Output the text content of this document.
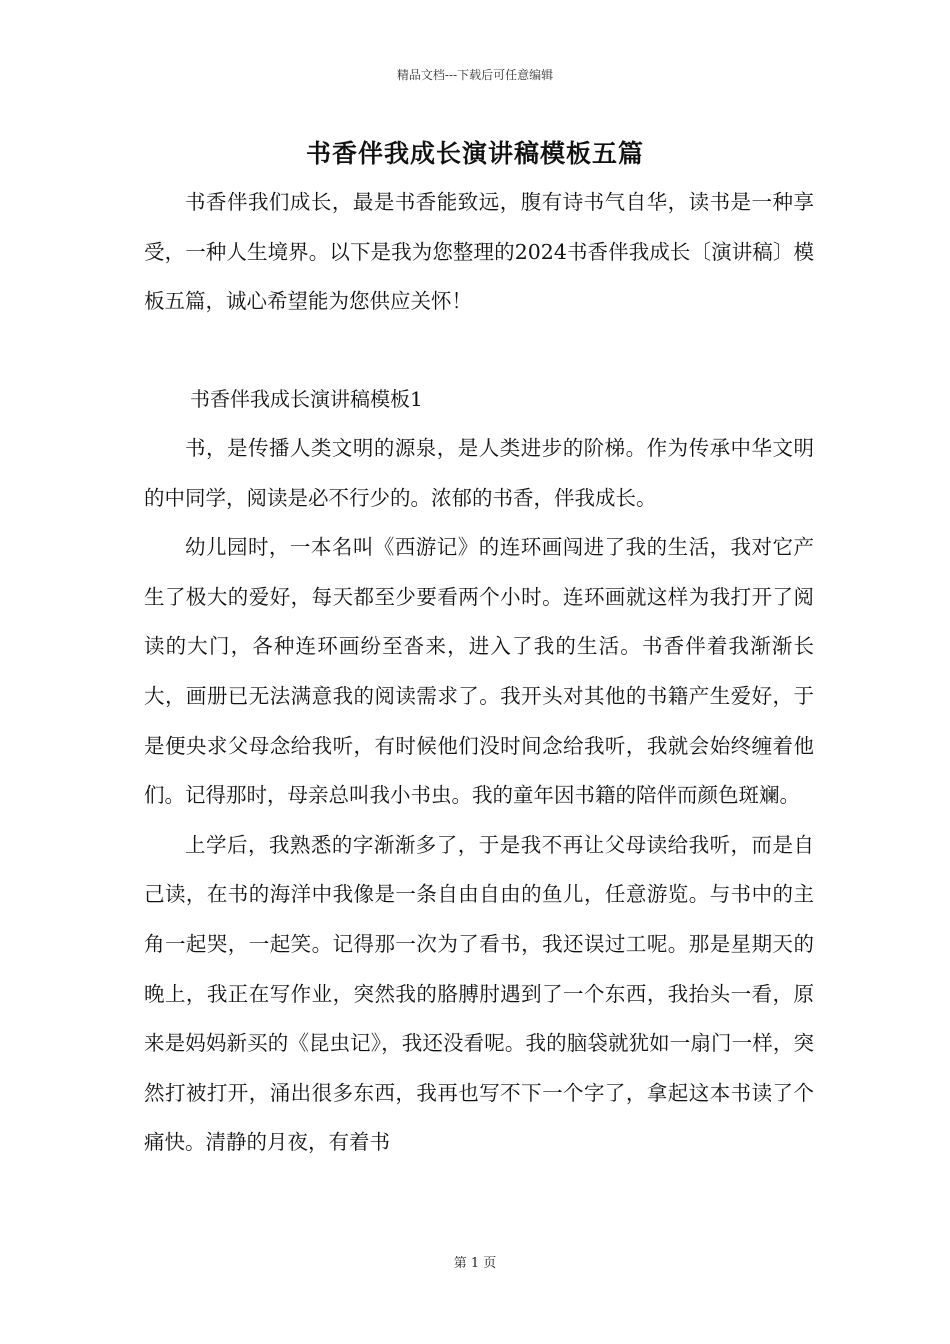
精品文档---下载后可任意编辑
书香伴我成长演讲稿模板五篇

书香伴我们成长，最是书香能致远，腹有诗书气自华，读书是一种享受，一种人生境界。以下是我为您整理的2024书香伴我成长〔演讲稿〕模板五篇，诚心希望能为您供应关怀！

书香伴我成长演讲稿模板1

书，是传播人类文明的源泉，是人类进步的阶梯。作为传承中华文明的中同学，阅读是必不行少的。浓郁的书香，伴我成长。

幼儿园时，一本名叫《西游记》的连环画闯进了我的生活，我对它产生了极大的爱好，每天都至少要看两个小时。连环画就这样为我打开了阅读的大门，各种连环画纷至沓来，进入了我的生活。书香伴着我渐渐长大，画册已无法满意我的阅读需求了。我开头对其他的书籍产生爱好，于是便央求父母念给我听，有时候他们没时间念给我听，我就会始终缠着他们。记得那时，母亲总叫我小书虫。我的童年因书籍的陪伴而颜色斑斓。

上学后，我熟悉的字渐渐多了，于是我不再让父母读给我听，而是自己读，在书的海洋中我像是一条自由自由的鱼儿，任意游览。与书中的主角一起哭，一起笑。记得那一次为了看书，我还误过工呢。那是星期天的晚上，我正在写作业，突然我的胳膊肘遇到了一个东西，我抬头一看，原来是妈妈新买的《昆虫记》，我还没看呢。我的脑袋就犹如一扇门一样，突然打被打开，涌出很多东西，我再也写不下一个字了，拿起这本书读了个痛快。清静的月夜，有着书

第 1 页
